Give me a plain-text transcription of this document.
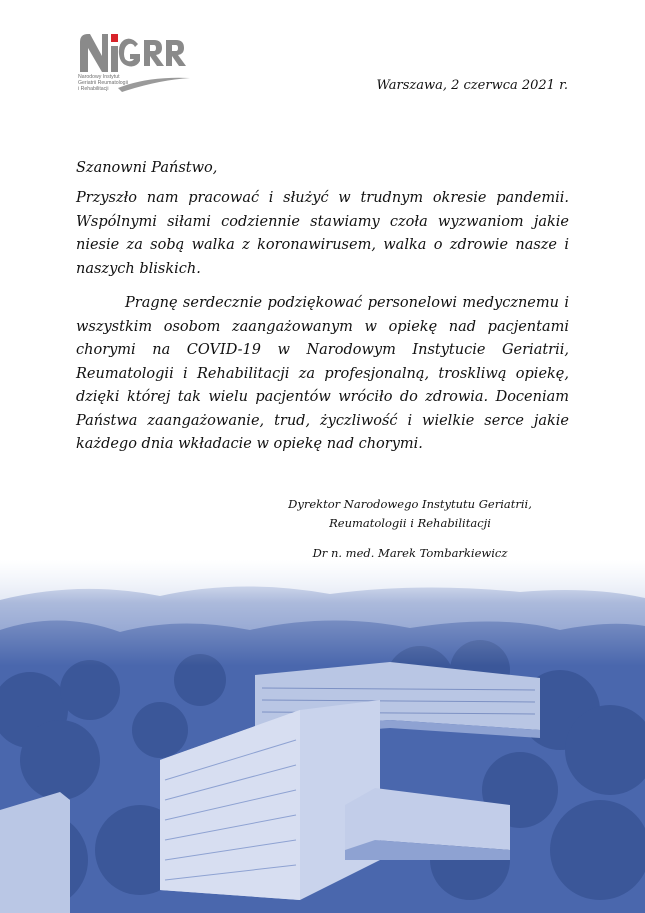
Narodowy Instytut
Geriatrii Reumatologii
i Rehabilitacji	Warszawa, 2 czerwca 2021 r.
Szanowni Państwo,

Przyszło nam pracować i służyć w trudnym okresie pandemii. Wspólnymi siłami codziennie stawiamy czoła wyzwaniom jakie niesie za sobą walka z koronawirusem, walka o zdrowie nasze i naszych bliskich.

Pragnę serdecznie podziękować personelowi medycznemu i wszystkim osobom zaangażowanym w opiekę nad pacjentami chorymi na COVID-19 w Narodowym Instytucie Geriatrii, Reumatologii i Rehabilitacji za profesjonalną, troskliwą opiekę, dzięki której tak wielu pacjentów wróciło do zdrowia. Doceniam Państwa zaangażowanie, trud, życzliwość i wielkie serce jakie każdego dnia wkładacie w opiekę nad chorymi.

Dyrektor Narodowego Instytutu Geriatrii,
Reumatologii i Rehabilitacji
Dr n. med. Marek Tombarkiewicz
